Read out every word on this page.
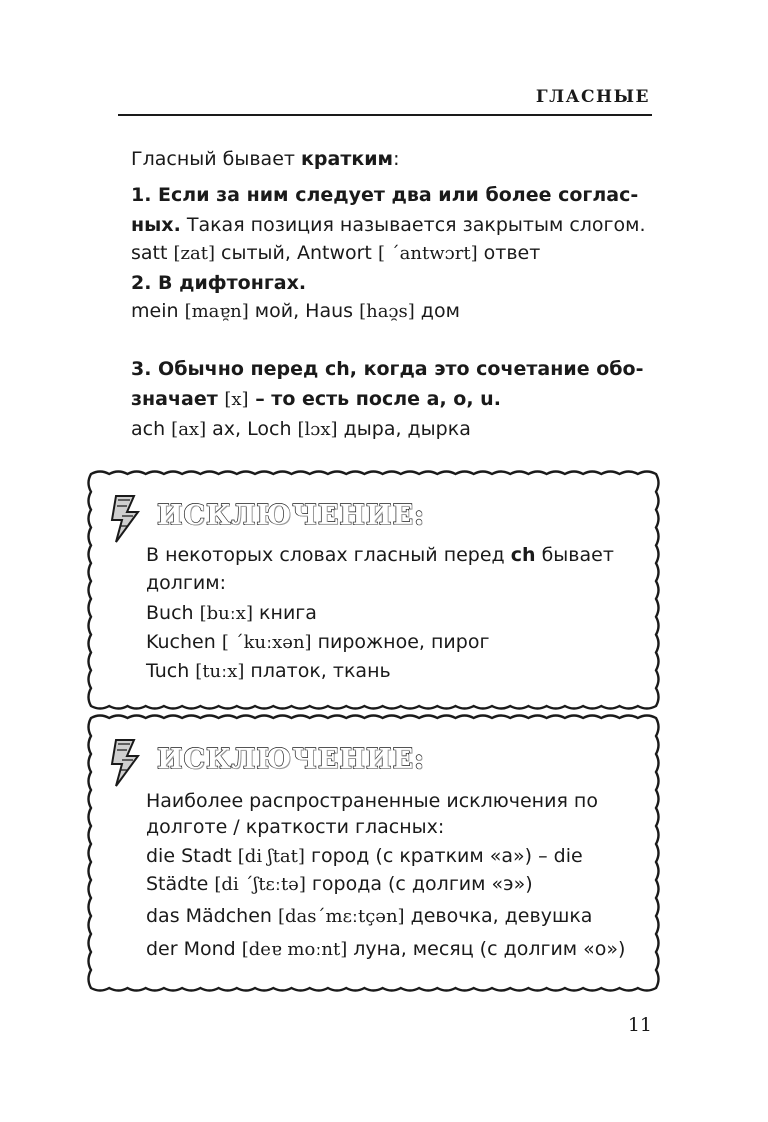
ГЛАСНЫЕ
Гласный бывает кратким:
1. Если за ним следует два или более соглас-
ных. Такая позиция называется закрытым слогом.
satt [zat] сытый, Antwort [ ˊantwɔrt] ответ
2. В дифтонгах.
mein [maɐ̯n] мой, Haus [haɔ̯s] дом
3. Обычно перед ch, когда это сочетание обо-
значает [x] – то есть после a, o, u.
ach [ax] ах, Loch [lɔx] дыра, дырка
ИСКЛЮЧЕНИЕ:
В некоторых словах гласный перед ch бывает
долгим:
Buch [buːx] книга
Kuchen [ ˊkuːxən] пирожное, пирог
Tuch [tuːx] платок, ткань
ИСКЛЮЧЕНИЕ:
Наиболее распространенные исключения по
долготе / краткости гласных:
die Stadt [di ʃtat] город (с кратким «а») – die
Städte [di ˊʃtɛːtə] города (с долгим «э»)
das Mädchen [dasˊmɛːtçən] девочка, девушка
der Mond [deɐ moːnt] луна, месяц (с долгим «о»)
11
